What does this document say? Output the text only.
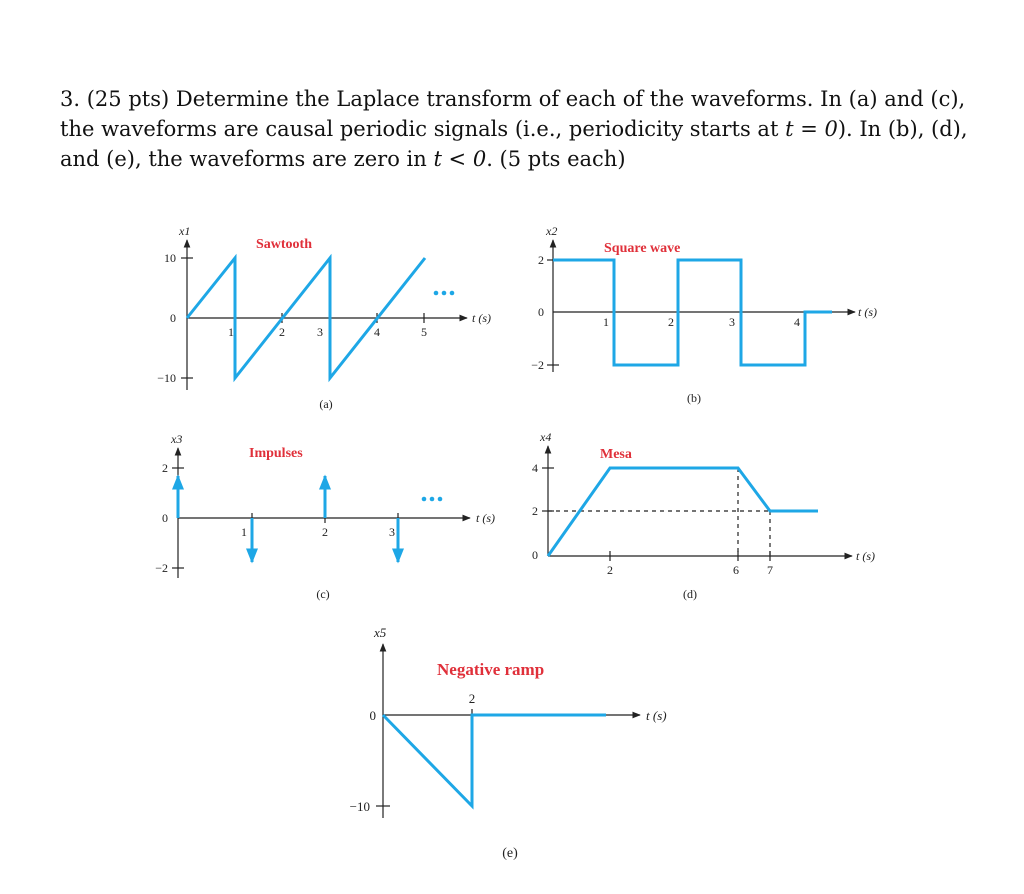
3. (25 pts) Determine the Laplace transform of each of the waveforms. In (a) and (c), the waveforms are causal periodic signals (i.e., periodicity starts at t = 0). In (b), (d), and (e), the waveforms are zero in t < 0. (5 pts each)

x1
10
0
−10
1	2	3	4	5
t (s)
Sawtooth
(a)
x2
2
0
−2
1	2	3	4
t (s)
Square wave
(b)
x3
2
0
−2
1	2	3
t (s)
Impulses
(c)
x4
4
2
0
2	6 7
t (s)
Mesa
(d)
x5
0
−10
2
t (s)
Negative ramp
(e)
